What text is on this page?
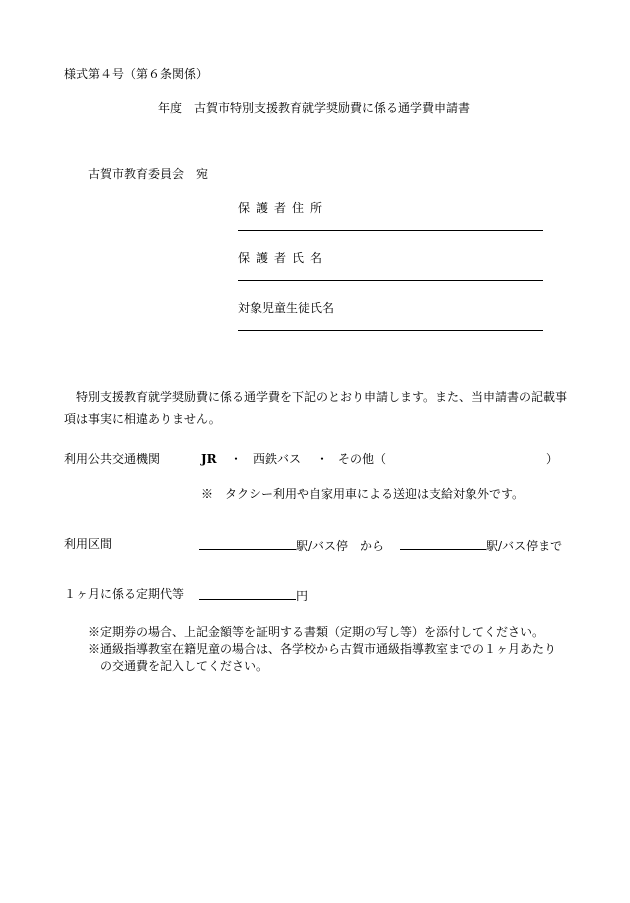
様式第４号（第６条関係）
年度　古賀市特別支援教育就学奨励費に係る通学費申請書
古賀市教育委員会　宛
保護者住所
保護者氏名
対象児童生徒氏名
特別支援教育就学奨励費に係る通学費を下記のとおり申請します。また、当申請書の記載事項は事実に相違ありません。
利用公共交通機関	JR ・ 西鉄バス ・ その他（	）
※　タクシー利用や自家用車による送迎は支給対象外です。
利用区間	駅/バス停　から	駅/バス停まで
１ヶ月に係る定期代等	円
※定期券の場合、上記金額等を証明する書類（定期の写し等）を添付してください。
※通級指導教室在籍児童の場合は、各学校から古賀市通級指導教室までの１ヶ月あたり
の交通費を記入してください。
